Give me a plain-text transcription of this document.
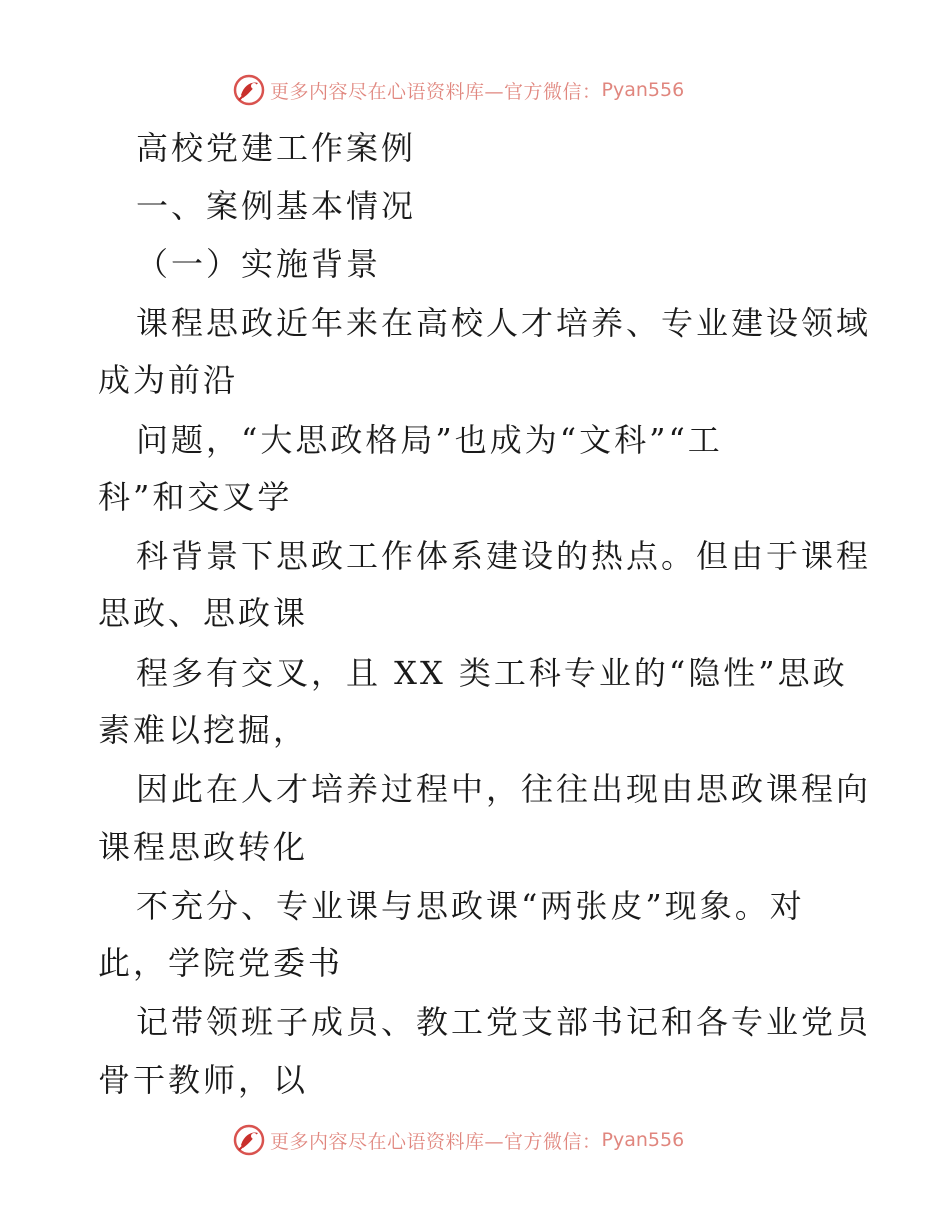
更多内容尽在心语资料库—官方微信： Pyan556
高校党建工作案例
一、案例基本情况
（一）实施背景
课程思政近年来在高校人才培养、专业建设领域
成为前沿
问题，“大思政格局”也成为“文科”“工
科”和交叉学
科背景下思政工作体系建设的热点。但由于课程
思政、思政课
程多有交叉，且 XX 类工科专业的“隐性”思政
素难以挖掘，
因此在人才培养过程中，往往出现由思政课程向
课程思政转化
不充分、专业课与思政课“两张皮”现象。对
此，学院党委书
记带领班子成员、教工党支部书记和各专业党员
骨干教师，以
更多内容尽在心语资料库—官方微信： Pyan556
